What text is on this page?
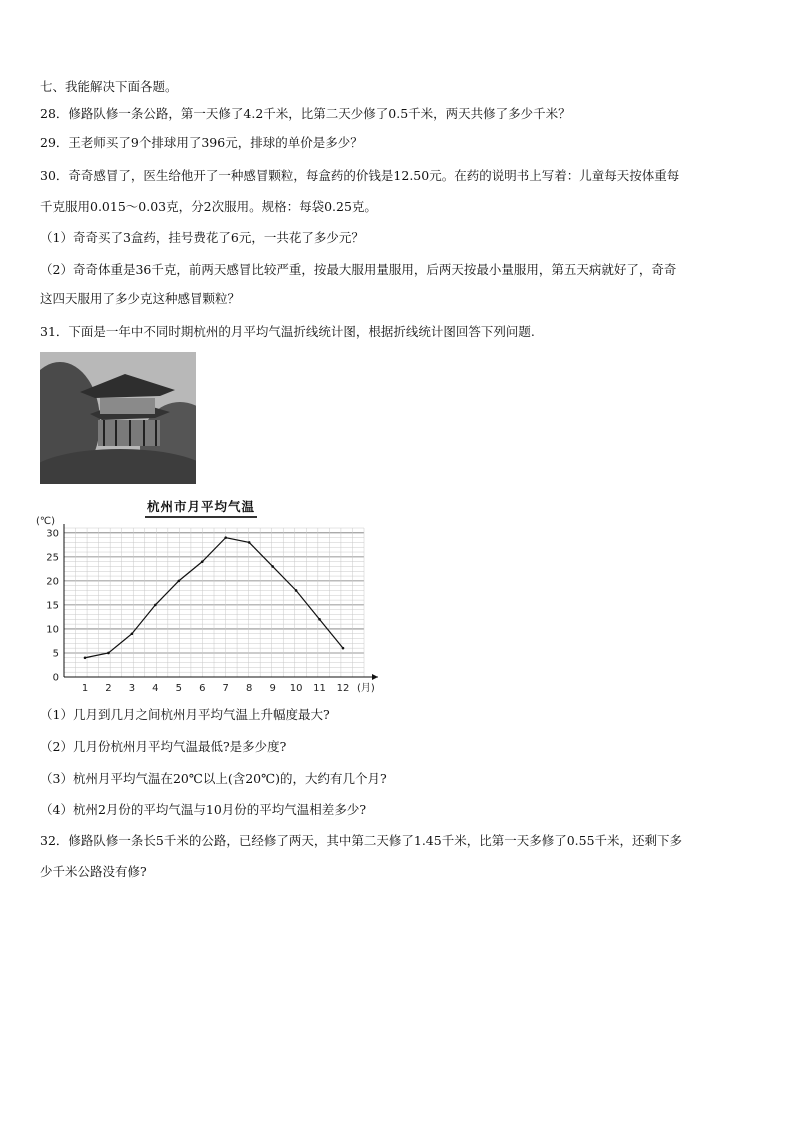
七、我能解决下面各题。
28．修路队修一条公路，第一天修了4.2千米，比第二天少修了0.5千米，两天共修了多少千米？
29．王老师买了9个排球用了396元，排球的单价是多少？
30．奇奇感冒了，医生给他开了一种感冒颗粒，每盒药的价钱是12.50元。在药的说明书上写着：儿童每天按体重每
千克服用0.015～0.03克，分2次服用。规格：每袋0.25克。
（1）奇奇买了3盒药，挂号费花了6元，一共花了多少元？
（2）奇奇体重是36千克，前两天感冒比较严重，按最大服用量服用，后两天按最小量服用，第五天病就好了，奇奇
这四天服用了多少克这种感冒颗粒？
31．下面是一年中不同时期杭州的月平均气温折线统计图，根据折线统计图回答下列问题.
杭州市月平均气温
0
5
10
15
20
25
30
1 2 3 4 5 6 7 8 9 10 11 12
(℃)
(月)
（1）几月到几月之间杭州月平均气温上升幅度最大?
（2）几月份杭州月平均气温最低?是多少度?
（3）杭州月平均气温在20℃以上(含20℃)的，大约有几个月?
（4）杭州2月份的平均气温与10月份的平均气温相差多少?
32．修路队修一条长5千米的公路，已经修了两天，其中第二天修了1.45千米，比第一天多修了0.55千米，还剩下多
少千米公路没有修?
